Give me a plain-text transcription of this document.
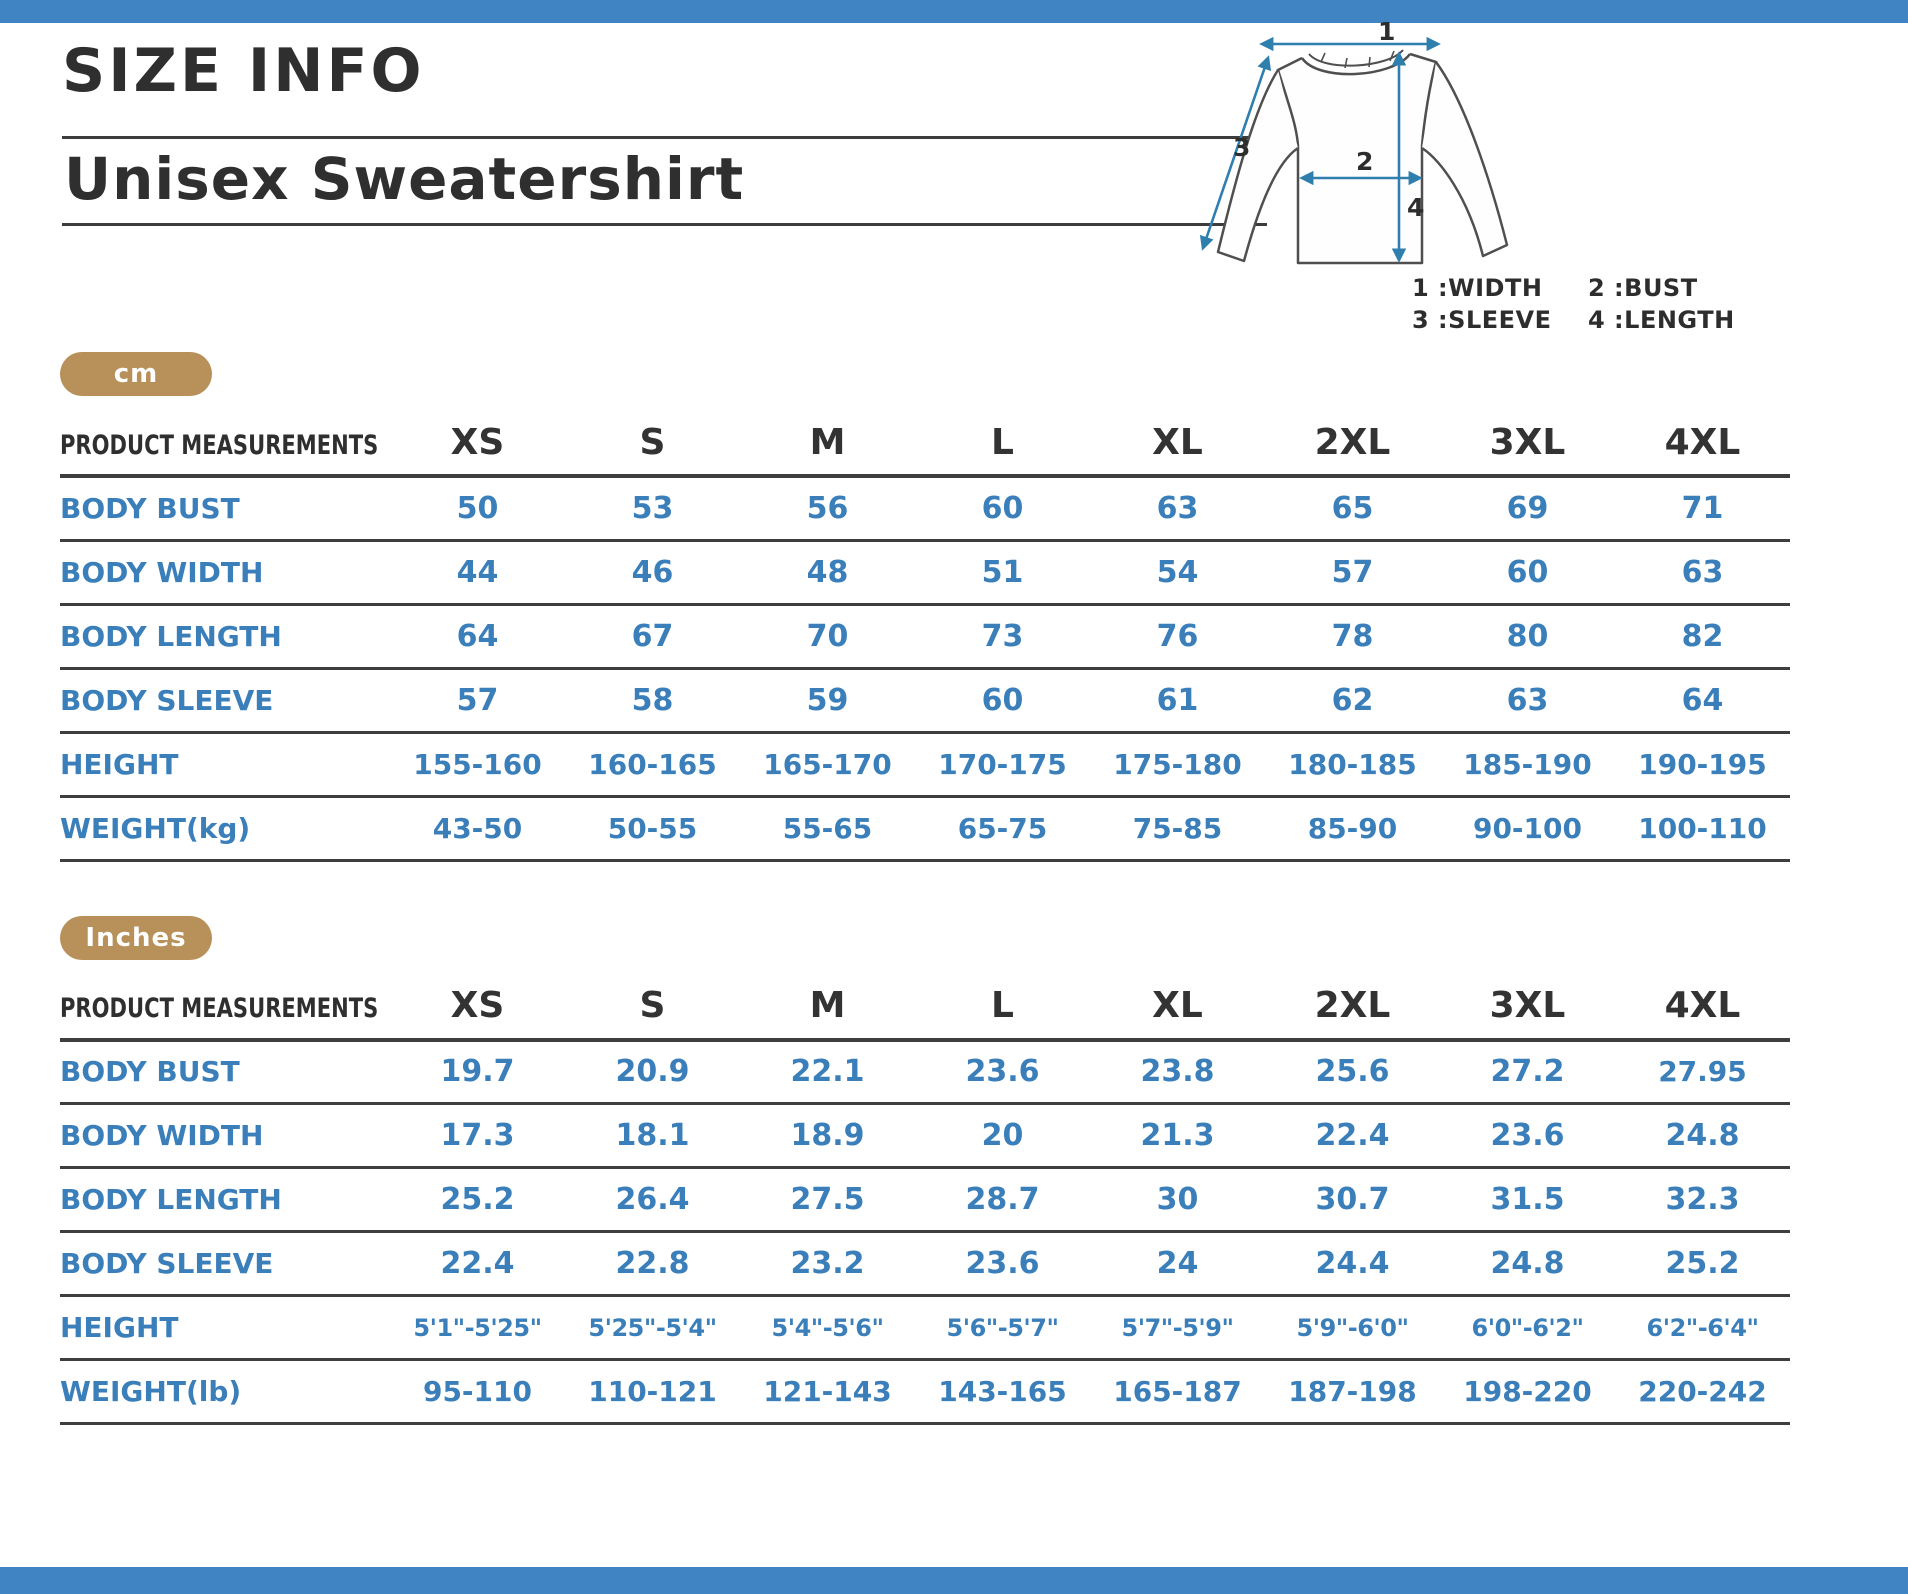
SIZE INFO
Unisex Sweatershirt
1
2
3
4
1 :WIDTH	2 :BUST
3 :SLEEVE	4 :LENGTH
cm
PRODUCT MEASUREMENTS	XS	S	M	L	XL	2XL	3XL	4XL
BODY BUST	50	53	56	60	63	65	69	71
BODY WIDTH	44	46	48	51	54	57	60	63
BODY LENGTH	64	67	70	73	76	78	80	82
BODY SLEEVE	57	58	59	60	61	62	63	64
HEIGHT	155-160	160-165	165-170	170-175	175-180	180-185	185-190	190-195
WEIGHT(kg)	43-50	50-55	55-65	65-75	75-85	85-90	90-100	100-110
Inches
PRODUCT MEASUREMENTS	XS	S	M	L	XL	2XL	3XL	4XL
BODY BUST	19.7	20.9	22.1	23.6	23.8	25.6	27.2	27.95
BODY WIDTH	17.3	18.1	18.9	20	21.3	22.4	23.6	24.8
BODY LENGTH	25.2	26.4	27.5	28.7	30	30.7	31.5	32.3
BODY SLEEVE	22.4	22.8	23.2	23.6	24	24.4	24.8	25.2
HEIGHT	5'1"-5'25"	5'25"-5'4"	5'4"-5'6"	5'6"-5'7"	5'7"-5'9"	5'9"-6'0"	6'0"-6'2"	6'2"-6'4"
WEIGHT(lb)	95-110	110-121	121-143	143-165	165-187	187-198	198-220	220-242
